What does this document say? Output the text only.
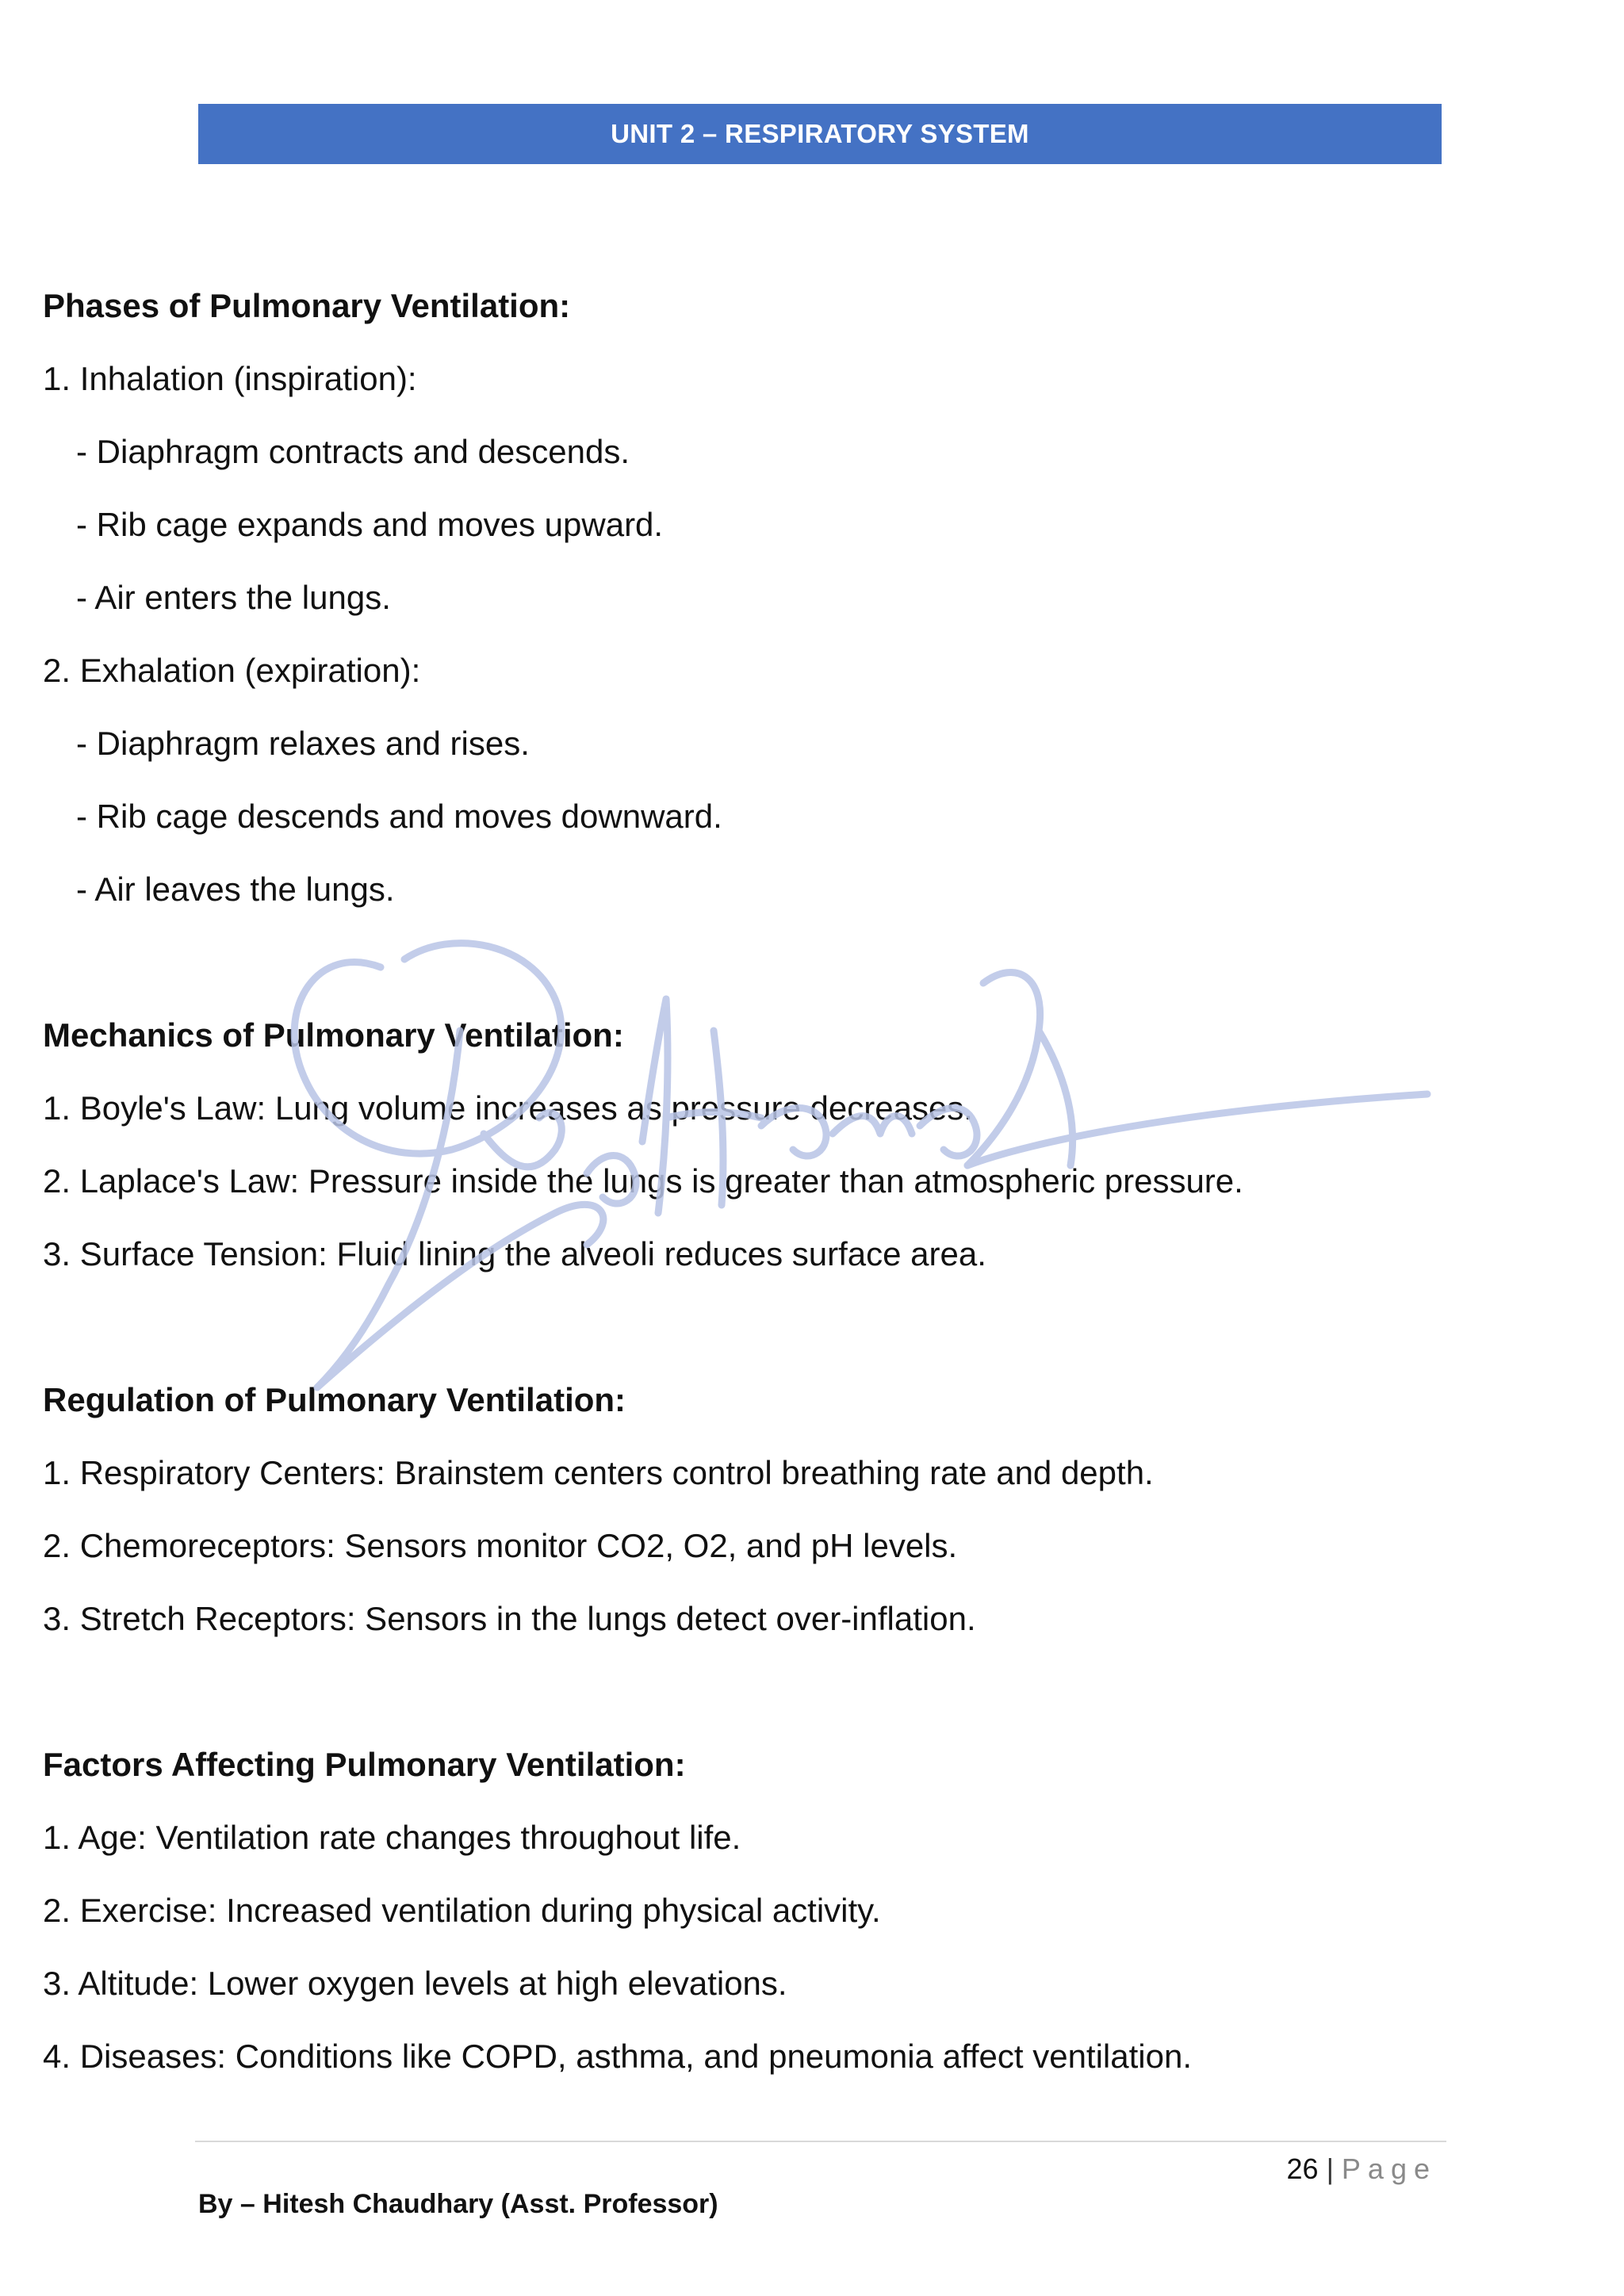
UNIT 2 – RESPIRATORY SYSTEM
Phases of Pulmonary Ventilation:
1. Inhalation (inspiration):
- Diaphragm contracts and descends.
- Rib cage expands and moves upward.
- Air enters the lungs.
2. Exhalation (expiration):
- Diaphragm relaxes and rises.
- Rib cage descends and moves downward.
- Air leaves the lungs.
Mechanics of Pulmonary Ventilation:
1. Boyle's Law: Lung volume increases as pressure decreases.
2. Laplace's Law: Pressure inside the lungs is greater than atmospheric pressure.
3. Surface Tension: Fluid lining the alveoli reduces surface area.
Regulation of Pulmonary Ventilation:
1. Respiratory Centers: Brainstem centers control breathing rate and depth.
2. Chemoreceptors: Sensors monitor CO2, O2, and pH levels.
3. Stretch Receptors: Sensors in the lungs detect over-inflation.
Factors Affecting Pulmonary Ventilation:
1. Age: Ventilation rate changes throughout life.
2. Exercise: Increased ventilation during physical activity.
3. Altitude: Lower oxygen levels at high elevations.
4. Diseases: Conditions like COPD, asthma, and pneumonia affect ventilation.
26 | Page
By – Hitesh Chaudhary (Asst. Professor)
